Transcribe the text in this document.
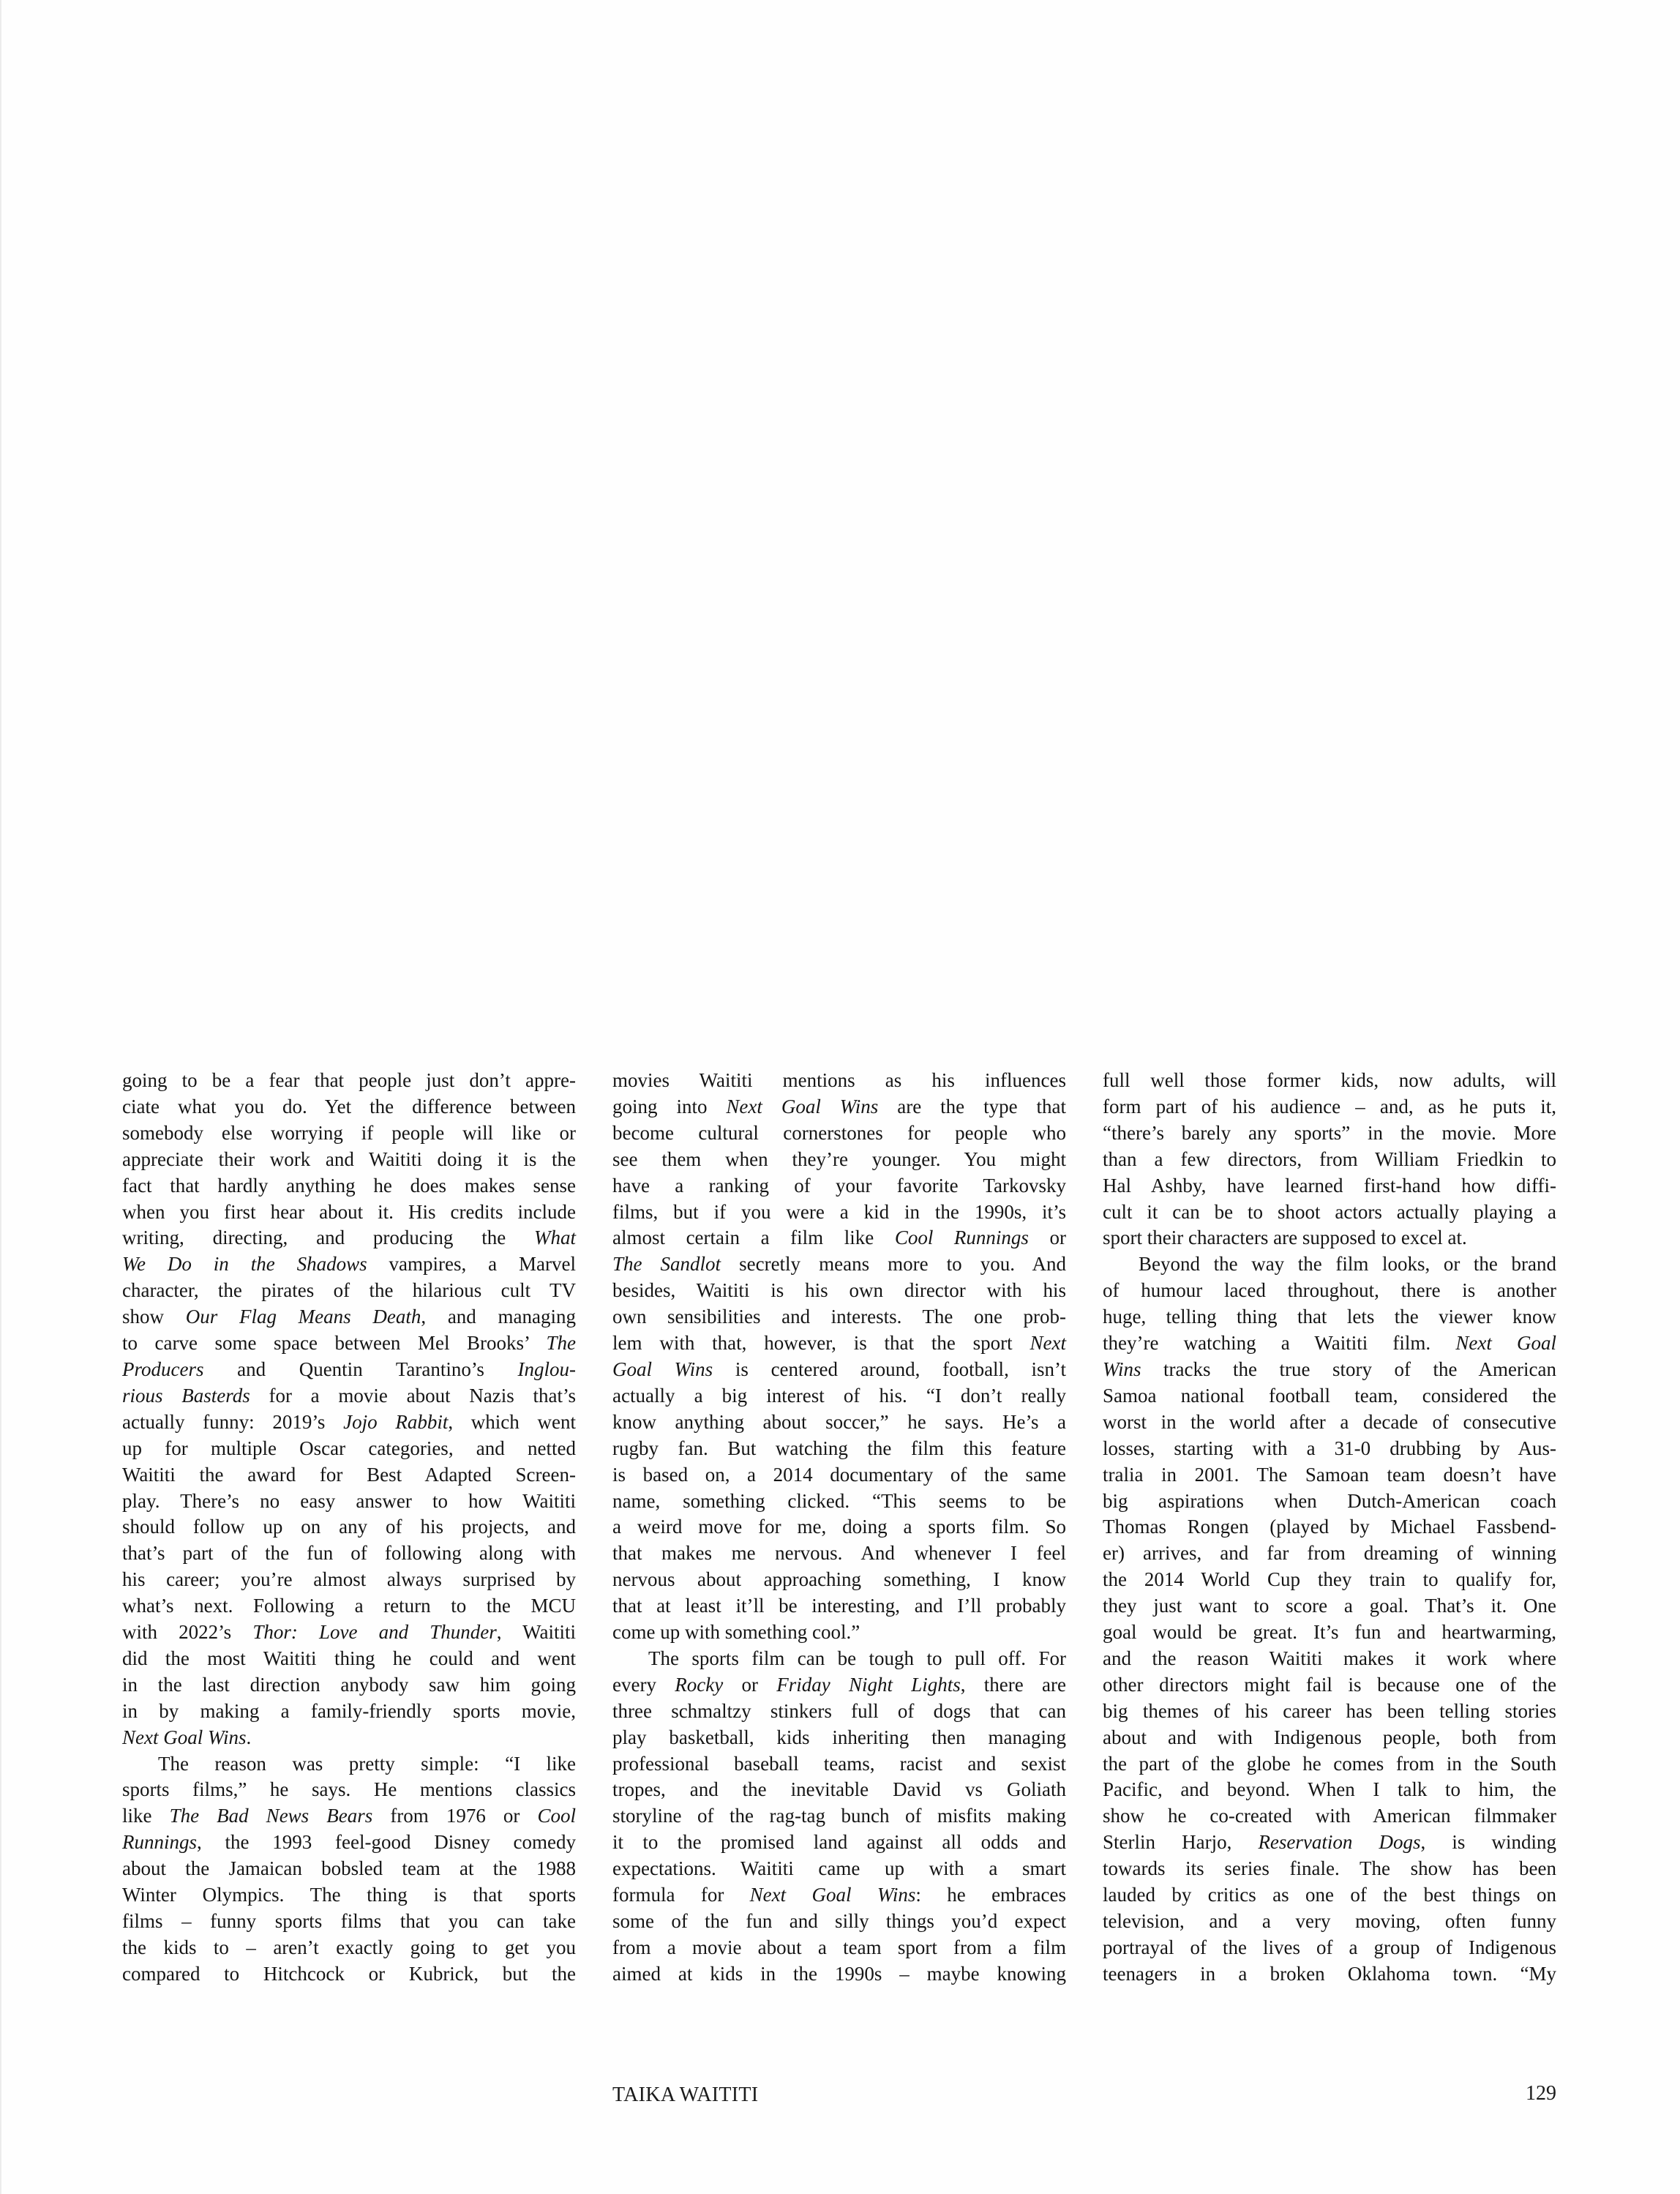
going to be a fear that people just don’t appre-
ciate what you do. Yet the difference between
somebody else worrying if people will like or
appreciate their work and Waititi doing it is the
fact that hardly anything he does makes sense
when you first hear about it. His credits include
writing, directing, and producing the What
We Do in the Shadows vampires, a Marvel
character, the pirates of the hilarious cult TV
show Our Flag Means Death, and managing
to carve some space between Mel Brooks’ The
Producers and Quentin Tarantino’s Inglou-
rious Basterds for a movie about Nazis that’s
actually funny: 2019’s Jojo Rabbit, which went
up for multiple Oscar categories, and netted
Waititi the award for Best Adapted Screen-
play. There’s no easy answer to how Waititi
should follow up on any of his projects, and
that’s part of the fun of following along with
his career; you’re almost always surprised by
what’s next. Following a return to the MCU
with 2022’s Thor: Love and Thunder, Waititi
did the most Waititi thing he could and went
in the last direction anybody saw him going
in by making a family-friendly sports movie,
Next Goal Wins.
The reason was pretty simple: “I like
sports films,” he says. He mentions classics
like The Bad News Bears from 1976 or Cool
Runnings, the 1993 feel-good Disney comedy
about the Jamaican bobsled team at the 1988
Winter Olympics. The thing is that sports
films – funny sports films that you can take
the kids to – aren’t exactly going to get you
compared to Hitchcock or Kubrick, but the
movies Waititi mentions as his influences
going into Next Goal Wins are the type that
become cultural cornerstones for people who
see them when they’re younger. You might
have a ranking of your favorite Tarkovsky
films, but if you were a kid in the 1990s, it’s
almost certain a film like Cool Runnings or
The Sandlot secretly means more to you. And
besides, Waititi is his own director with his
own sensibilities and interests. The one prob-
lem with that, however, is that the sport Next
Goal Wins is centered around, football, isn’t
actually a big interest of his. “I don’t really
know anything about soccer,” he says. He’s a
rugby fan. But watching the film this feature
is based on, a 2014 documentary of the same
name, something clicked. “This seems to be
a weird move for me, doing a sports film. So
that makes me nervous. And whenever I feel
nervous about approaching something, I know
that at least it’ll be interesting, and I’ll probably
come up with something cool.”
The sports film can be tough to pull off. For
every Rocky or Friday Night Lights, there are
three schmaltzy stinkers full of dogs that can
play basketball, kids inheriting then managing
professional baseball teams, racist and sexist
tropes, and the inevitable David vs Goliath
storyline of the rag-tag bunch of misfits making
it to the promised land against all odds and
expectations. Waititi came up with a smart
formula for Next Goal Wins: he embraces
some of the fun and silly things you’d expect
from a movie about a team sport from a film
aimed at kids in the 1990s – maybe knowing
full well those former kids, now adults, will
form part of his audience – and, as he puts it,
“there’s barely any sports” in the movie. More
than a few directors, from William Friedkin to
Hal Ashby, have learned first-hand how diffi-
cult it can be to shoot actors actually playing a
sport their characters are supposed to excel at.
Beyond the way the film looks, or the brand
of humour laced throughout, there is another
huge, telling thing that lets the viewer know
they’re watching a Waititi film. Next Goal
Wins tracks the true story of the American
Samoa national football team, considered the
worst in the world after a decade of consecutive
losses, starting with a 31-0 drubbing by Aus-
tralia in 2001. The Samoan team doesn’t have
big aspirations when Dutch-American coach
Thomas Rongen (played by Michael Fassbend-
er) arrives, and far from dreaming of winning
the 2014 World Cup they train to qualify for,
they just want to score a goal. That’s it. One
goal would be great. It’s fun and heartwarming,
and the reason Waititi makes it work where
other directors might fail is because one of the
big themes of his career has been telling stories
about and with Indigenous people, both from
the part of the globe he comes from in the South
Pacific, and beyond. When I talk to him, the
show he co-created with American filmmaker
Sterlin Harjo, Reservation Dogs, is winding
towards its series finale. The show has been
lauded by critics as one of the best things on
television, and a very moving, often funny
portrayal of the lives of a group of Indigenous
teenagers in a broken Oklahoma town. “My
TAIKA WAITITI	129
